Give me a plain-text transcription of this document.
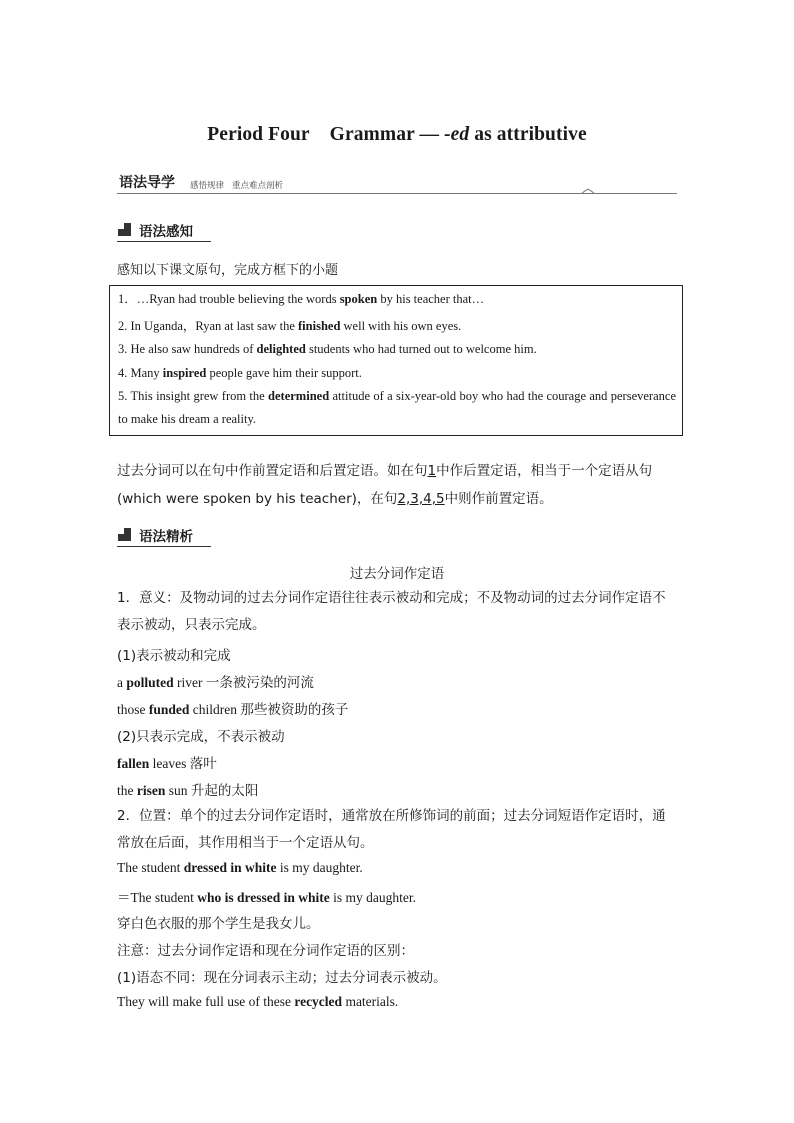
Period Four Grammar — -ed as attributive
语法导学 感悟规律 重点难点剖析
语法感知
感知以下课文原句，完成方框下的小题
1．…Ryan had trouble believing the words spoken by his teacher that…
2. In Uganda，Ryan at last saw the finished well with his own eyes.
3. He also saw hundreds of delighted students who had turned out to welcome him.
4. Many inspired people gave him their support.
5. This insight grew from the determined attitude of a six-year-old boy who had the courage and perseverance to make his dream a reality.
过去分词可以在句中作前置定语和后置定语。如在句1中作后置定语，相当于一个定语从句(which were spoken by his teacher)，在句2,3,4,5中则作前置定语。
语法精析
过去分词作定语
1．意义：及物动词的过去分词作定语往往表示被动和完成；不及物动词的过去分词作定语不表示被动，只表示完成。
(1)表示被动和完成
a polluted river 一条被污染的河流
those funded children 那些被资助的孩子
(2)只表示完成，不表示被动
fallen leaves 落叶
the risen sun 升起的太阳
2．位置：单个的过去分词作定语时，通常放在所修饰词的前面；过去分词短语作定语时，通常放在后面，其作用相当于一个定语从句。
The student dressed in white is my daughter.
＝The student who is dressed in white is my daughter.
穿白色衣服的那个学生是我女儿。
注意：过去分词作定语和现在分词作定语的区别：
(1)语态不同：现在分词表示主动；过去分词表示被动。
They will make full use of these recycled materials.
